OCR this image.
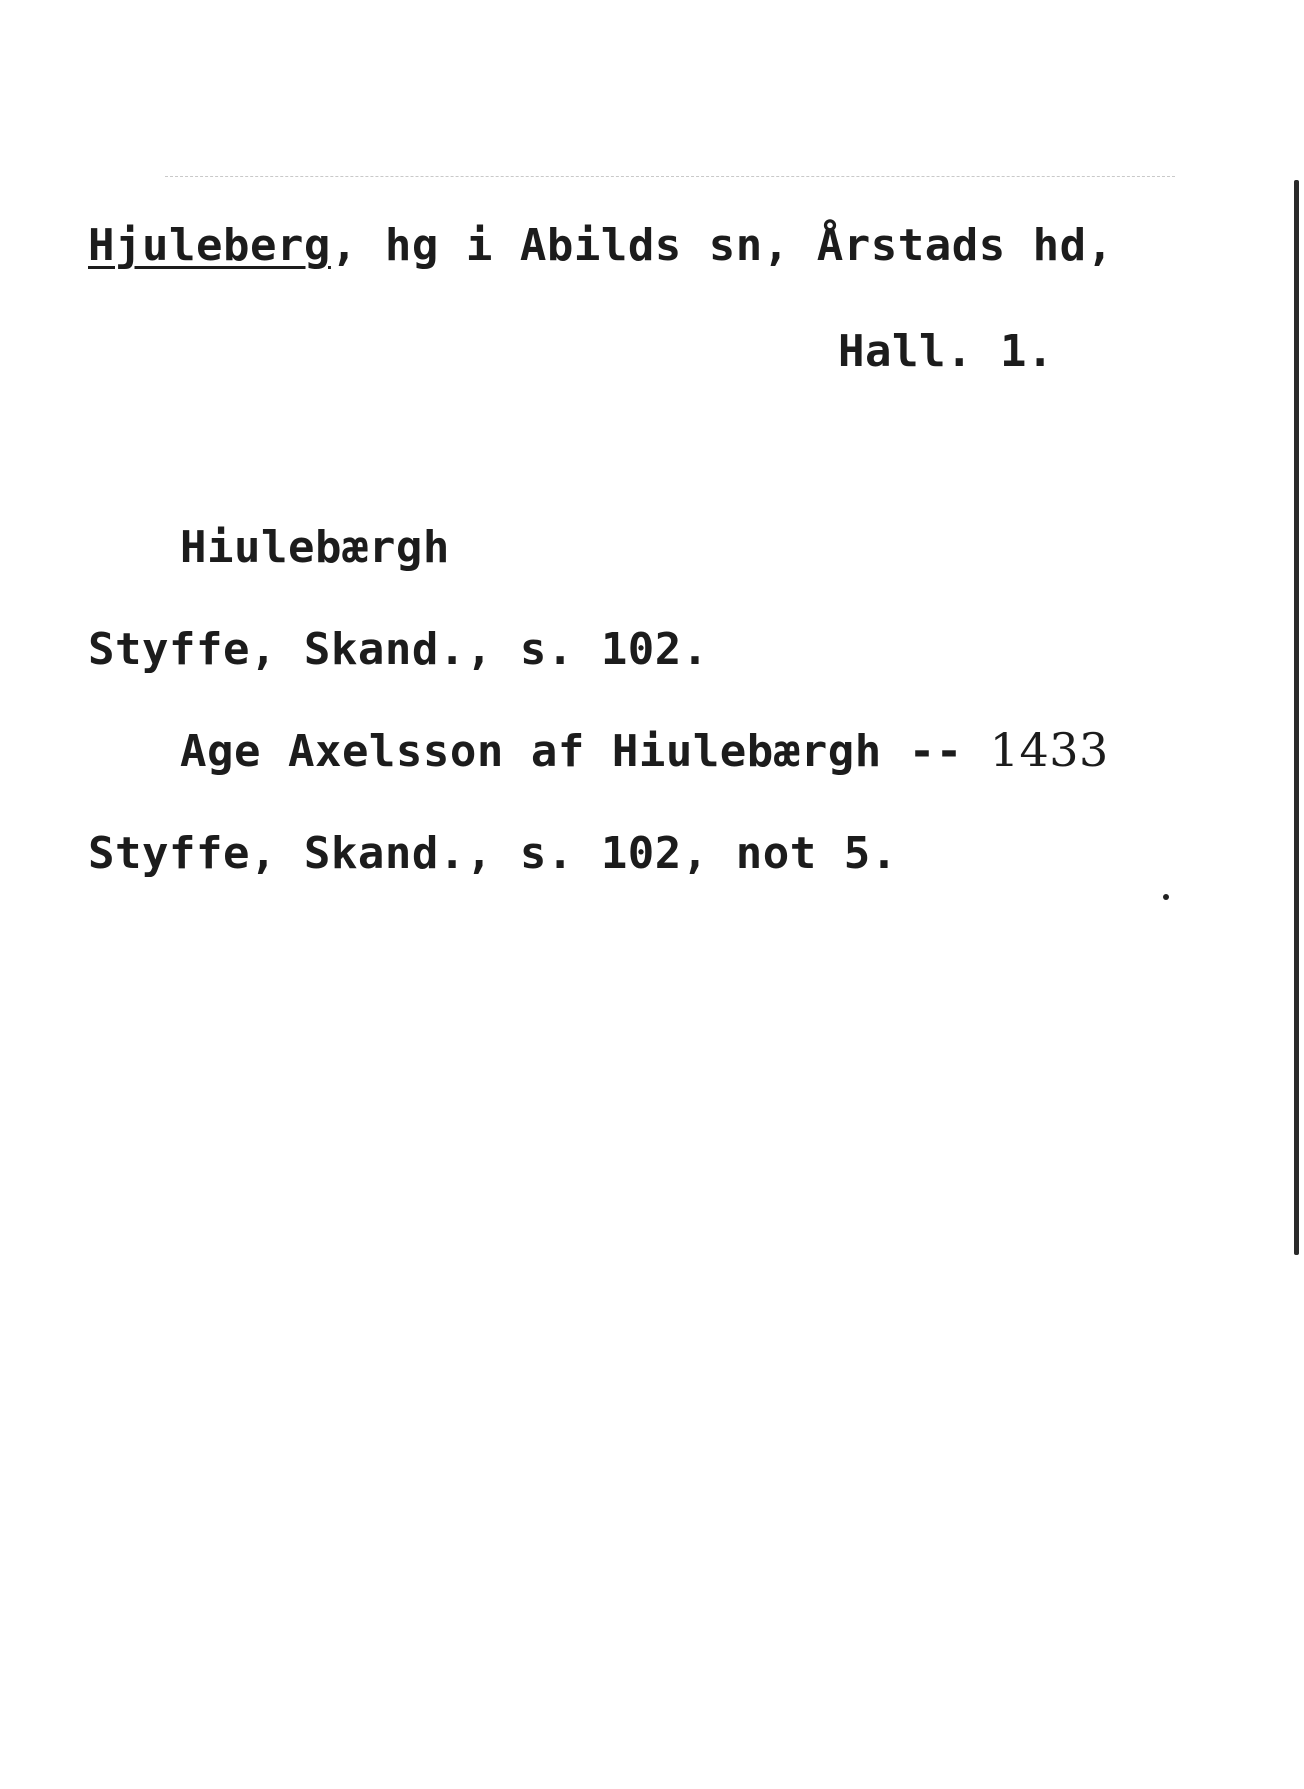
Hjuleberg, hg i Abilds sn, Årstads hd,
Hall. 1.
Hiulebærgh
Styffe, Skand., s. 102.
Age Axelsson af Hiulebærgh -- 1433
Styffe, Skand., s. 102, not 5.
